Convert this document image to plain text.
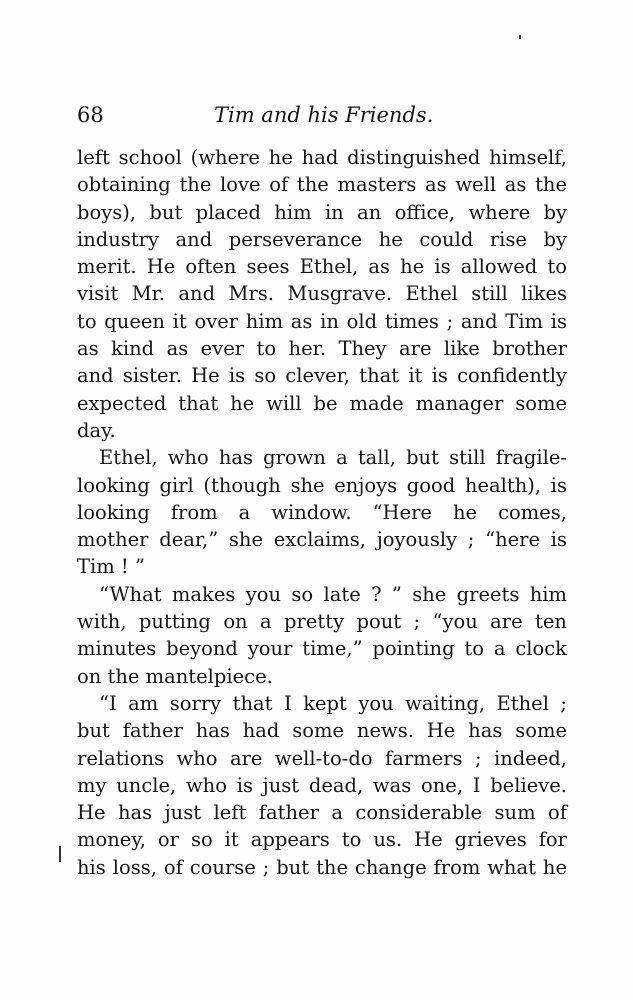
68	Tim and his Friends.
left school (where he had distinguished himself,
obtaining the love of the masters as well as the
boys), but placed him in an office, where by
industry and perseverance he could rise by
merit. He often sees Ethel, as he is allowed to
visit Mr. and Mrs. Musgrave. Ethel still likes
to queen it over him as in old times ; and Tim is
as kind as ever to her. They are like brother
and sister. He is so clever, that it is confidently
expected that he will be made manager some
day.
Ethel, who has grown a tall, but still fragile-
looking girl (though she enjoys good health), is
looking from a window. “Here he comes,
mother dear,” she exclaims, joyously ; “here is
Tim ! ”
“What makes you so late ? ” she greets him
with, putting on a pretty pout ; “you are ten
minutes beyond your time,” pointing to a clock
on the mantelpiece.
“I am sorry that I kept you waiting, Ethel ;
but father has had some news. He has some
relations who are well-to-do farmers ; indeed,
my uncle, who is just dead, was one, I believe.
He has just left father a considerable sum of
money, or so it appears to us. He grieves for
his loss, of course ; but the change from what he
